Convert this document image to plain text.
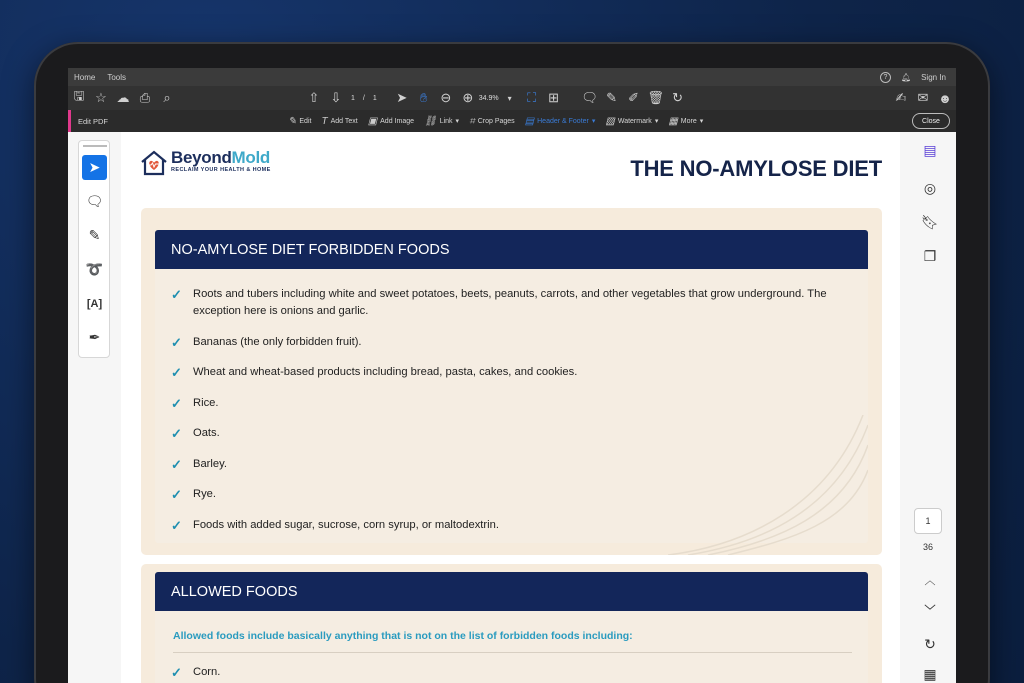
Home	Tools	?	🔔︎ Sign In
🖫 ☆ ☁ ⎙	⌕	⇧ ⇩	1 / 1	➤ ✋︎ ⊖ ⊕ 34.9%	▾	⛶ ⊞	🗨︎ ✎ ✐ 🗑︎ ↻	✍︎ ✉ ☻
Edit PDF	✎ Edit T Add Text ▣ Add Image ⛓ Link ▾ ⌗ Crop Pages ▤ Header & Footer ▾ ▧ Watermark ▾ ▦ More ▾	Close
➤
🗨︎
✎
➰
[A]
✒
BeyondMold
RECLAIM YOUR HEALTH & HOME	THE NO-AMYLOSE DIET
NO-AMYLOSE DIET FORBIDDEN FOODS
✓ Roots and tubers including white and sweet potatoes, beets, peanuts, carrots, and other vegetables that grow underground. The exception here is onions and garlic.
✓ Bananas (the only forbidden fruit).
✓ Wheat and wheat-based products including bread, pasta, cakes, and cookies.
✓ Rice.
✓ Oats.
✓ Barley.
✓ Rye.
✓ Foods with added sugar, sucrose, corn syrup, or maltodextrin.
ALLOWED FOODS
Allowed foods include basically anything that is not on the list of forbidden foods including:
✓ Corn.
▤
◎
🔖︎
❐
1
36
︿
﹀
↻
▦
